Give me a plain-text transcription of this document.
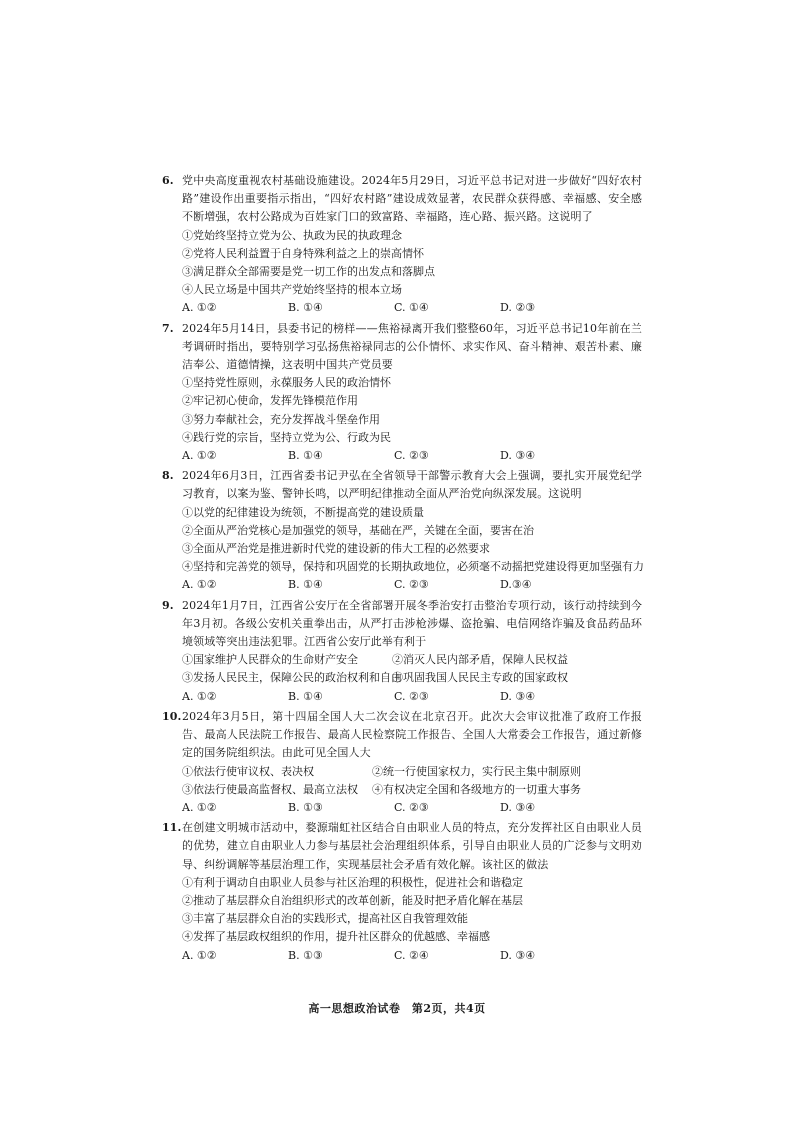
6. 党中央高度重视农村基础设施建设。2024年5月29日，习近平总书记对进一步做好“四好农村路”建设作出重要指示指出，“四好农村路”建设成效显著，农民群众获得感、幸福感、安全感不断增强，农村公路成为百姓家门口的致富路、幸福路，连心路、振兴路。这说明了
①党始终坚持立党为公、执政为民的执政理念
②党将人民利益置于自身特殊利益之上的崇高情怀
③满足群众全部需要是党一切工作的出发点和落脚点
④人民立场是中国共产党始终坚持的根本立场
A. ①②	B. ①④	C. ①④	D. ②③
7. 2024年5月14日，县委书记的榜样——焦裕禄离开我们整整60年，习近平总书记10年前在兰考调研时指出，要特别学习弘扬焦裕禄同志的公仆情怀、求实作风、奋斗精神、艰苦朴素、廉洁奉公、道德情操，这表明中国共产党员要
①坚持党性原则，永葆服务人民的政治情怀
②牢记初心使命，发挥先锋模范作用
③努力奉献社会，充分发挥战斗堡垒作用
④践行党的宗旨，坚持立党为公、行政为民
A. ①②	B. ①④	C. ②③	D. ③④
8. 2024年6月3日，江西省委书记尹弘在全省领导干部警示教育大会上强调，要扎实开展党纪学习教育，以案为鉴、警钟长鸣，以严明纪律推动全面从严治党向纵深发展。这说明
①以党的纪律建设为统领，不断提高党的建设质量
②全面从严治党核心是加强党的领导，基础在严，关键在全面，要害在治
③全面从严治党是推进新时代党的建设新的伟大工程的必然要求
④坚持和完善党的领导，保持和巩固党的长期执政地位，必须毫不动摇把党建设得更加坚强有力
A. ①②	B. ①④	C. ②③	D.③④
9. 2024年1月7日，江西省公安厅在全省部署开展冬季治安打击整治专项行动，该行动持续到今年3月初。各级公安机关重拳出击，从严打击涉枪涉爆、盗抢骗、电信网络诈骗及食品药品环境领域等突出违法犯罪。江西省公安厅此举有利于
①国家维护人民群众的生命财产安全	②消灭人民内部矛盾，保障人民权益
③发扬人民民主，保障公民的政治权利和自由
④巩固我国人民民主专政的国家政权
A. ①②	B. ①④	C. ②③	D. ③④
10. 2024年3月5日，第十四届全国人大二次会议在北京召开。此次大会审议批准了政府工作报告、最高人民法院工作报告、最高人民检察院工作报告、全国人大常委会工作报告，通过新修定的国务院组织法。由此可见全国人大
①依法行使审议权、表决权	②统一行使国家权力，实行民主集中制原则
③依法行使最高监督权、最高立法权	④有权决定全国和各级地方的一切重大事务
A. ①②	B. ①③	C. ②③	D. ③④
11. 在创建文明城市活动中，婺源瑞虹社区结合自由职业人员的特点，充分发挥社区自由职业人员的优势，建立自由职业人力参与基层社会治理组织体系，引导自由职业人员的广泛参与文明劝导、纠纷调解等基层治理工作，实现基层社会矛盾有效化解。该社区的做法
①有利于调动自由职业人员参与社区治理的积极性，促进社会和谐稳定
②推动了基层群众自治组织形式的改革创新，能及时把矛盾化解在基层
③丰富了基层群众自治的实践形式，提高社区自我管理效能
④发挥了基层政权组织的作用，提升社区群众的优越感、幸福感
A. ①②	B. ①③	C. ②④	D. ③④
高一思想政治试卷　第2页，共4页
